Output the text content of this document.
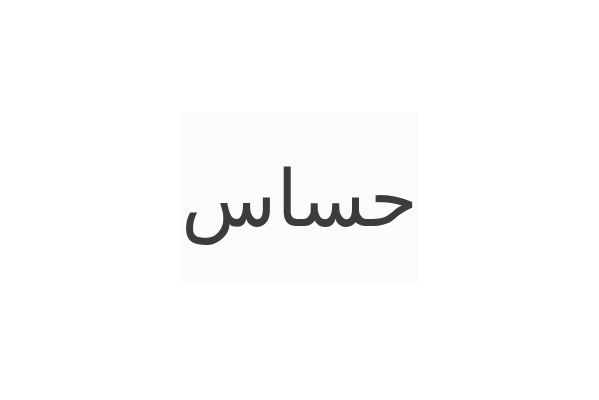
حساس
